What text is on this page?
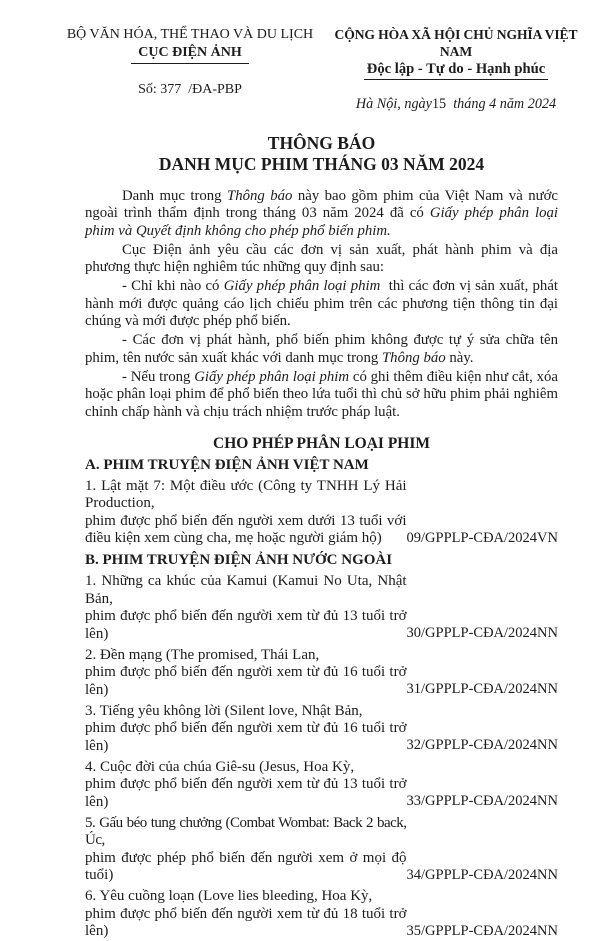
BỘ VĂN HÓA, THỂ THAO VÀ DU LỊCH
CỤC ĐIỆN ẢNH
Số: 377  /ĐA-PBP
CỘNG HÒA XÃ HỘI CHỦ NGHĨA VIỆT NAM
Độc lập - Tự do - Hạnh phúc
Hà Nội, ngày15  tháng 4 năm 2024
THÔNG BÁO
DANH MỤC PHIM THÁNG 03 NĂM 2024

Danh mục trong Thông báo này bao gồm phim của Việt Nam và nước ngoài trình thẩm định trong tháng 03 năm 2024 đã có Giấy phép phân loại phim và Quyết định không cho phép phổ biến phim.

Cục Điện ảnh yêu cầu các đơn vị sản xuất, phát hành phim và địa phương thực hiện nghiêm túc những quy định sau:

- Chỉ khi nào có Giấy phép phân loại phim  thì các đơn vị sản xuất, phát hành mới được quảng cáo lịch chiếu phim trên các phương tiện thông tin đại chúng và mới được phép phổ biến.

- Các đơn vị phát hành, phổ biến phim không được tự ý sửa chữa tên phim, tên nước sản xuất khác với danh mục trong Thông báo này.

- Nếu trong Giấy phép phân loại phim có ghi thêm điều kiện như cắt, xóa hoặc phân loại phim để phổ biến theo lứa tuổi thì chủ sở hữu phim phải nghiêm chỉnh chấp hành và chịu trách nhiệm trước pháp luật.

CHO PHÉP PHÂN LOẠI PHIM
A. PHIM TRUYỆN ĐIỆN ẢNH VIỆT NAM
1. Lật mặt 7: Một điều ước (Công ty TNHH Lý Hải Production,
phim được phổ biến đến người xem dưới 13 tuổi với điều kiện xem cùng cha, mẹ hoặc người giám hộ)	09/GPPLP-CĐA/2024VN
B. PHIM TRUYỆN ĐIỆN ẢNH NƯỚC NGOÀI
1. Những ca khúc của Kamui (Kamui No Uta, Nhật Bản,
phim được phổ biến đến người xem từ đủ 13 tuổi trở lên)	30/GPPLP-CĐA/2024NN
2. Đền mạng (The promised, Thái Lan,
phim được phổ biến đến người xem từ đủ 16 tuổi trở lên)	31/GPPLP-CĐA/2024NN
3. Tiếng yêu không lời (Silent love, Nhật Bản,
phim được phổ biến đến người xem từ đủ 16 tuổi trở lên)	32/GPPLP-CĐA/2024NN
4. Cuộc đời của chúa Giê-su (Jesus, Hoa Kỳ,
phim được phổ biến đến người xem từ đủ 13 tuổi trở lên)	33/GPPLP-CĐA/2024NN
5. Gấu béo tung chưởng (Combat Wombat: Back 2 back, Úc,
phim được phép phổ biến đến người xem ở mọi độ tuổi)	34/GPPLP-CĐA/2024NN
6. Yêu cuồng loạn (Love lies bleeding, Hoa Kỳ,
phim được phổ biến đến người xem từ đủ 18 tuổi trở lên)	35/GPPLP-CĐA/2024NN
